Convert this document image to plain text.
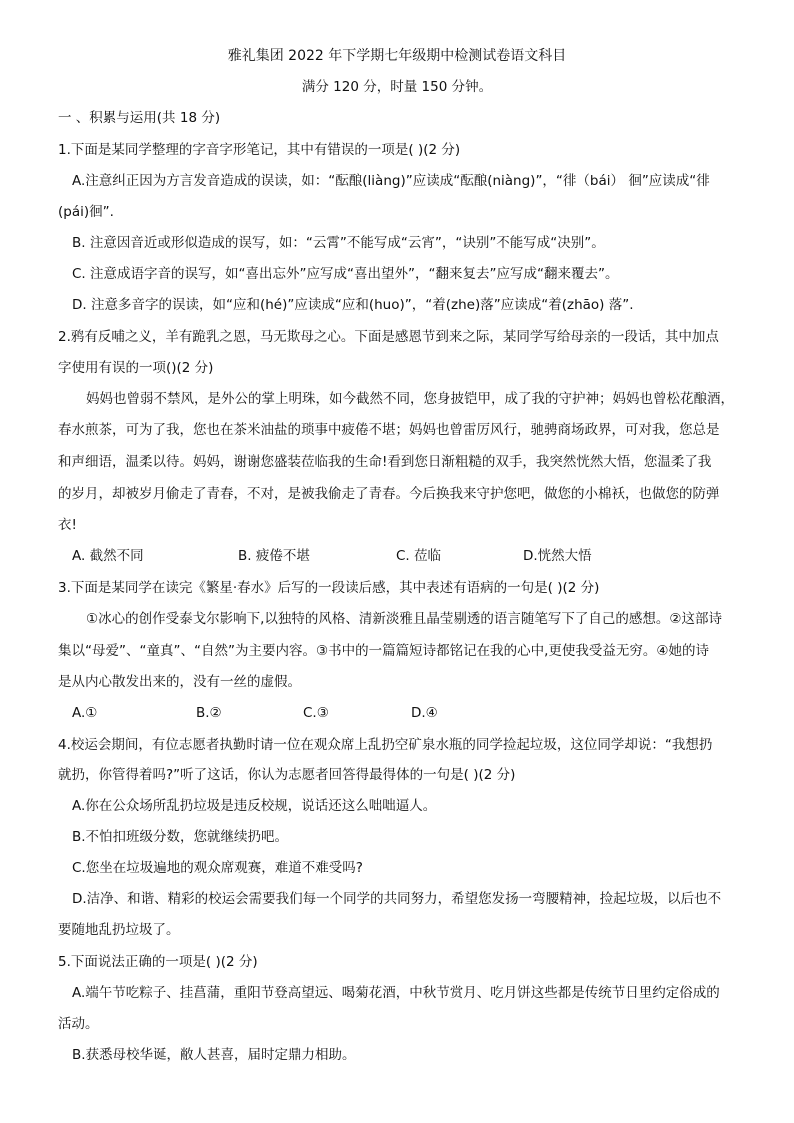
雅礼集团 2022 年下学期七年级期中检测试卷语文科目
满分 120 分，时量 150 分钟。
一 、积累与运用(共 18 分)
1.下面是某同学整理的字音字形笔记，其中有错误的一项是( )(2 分)
A.注意纠正因为方言发音造成的误读，如：“酝酿(liàng)”应读成“酝酿(niàng)”，“徘（bái） 徊”应读成“徘
(pái)徊”.
B. 注意因音近或形似造成的误写，如：“云霄”不能写成“云宵”，“诀别”不能写成“决别”。
C. 注意成语字音的误写，如“喜出忘外”应写成“喜出望外”，“翻来复去”应写成“翻来覆去”。
D. 注意多音字的误读，如“应和(hé)”应读成“应和(huo)”，“着(zhe)落”应读成“着(zhāo) 落”.
2.鸦有反哺之义，羊有跪乳之恩，马无欺母之心。下面是感恩节到来之际，某同学写给母亲的一段话，其中加点
字使用有误的一项()(2 分)
妈妈也曾弱不禁风，是外公的掌上明珠，如今截然不同，您身披铠甲，成了我的守护神；妈妈也曾松花酿酒，
春水煎茶，可为了我，您也在茶米油盐的琐事中疲倦不堪；妈妈也曾雷厉风行，驰骋商场政界，可对我，您总是
和声细语，温柔以待。妈妈，谢谢您盛装莅临我的生命!看到您日渐粗糙的双手，我突然恍然大悟，您温柔了我
的岁月，却被岁月偷走了青春，不对，是被我偷走了青春。今后换我来守护您吧，做您的小棉袄，也做您的防弹
衣!
A. 截然不同	B. 疲倦不堪	C. 莅临	D.恍然大悟
3.下面是某同学在读完《繁星·春水》后写的一段读后感，其中表述有语病的一句是( )(2 分)
①冰心的创作受泰戈尔影响下,以独特的风格、清新淡雅且晶莹剔透的语言随笔写下了自己的感想。②这部诗
集以“母爱”、“童真”、“自然”为主要内容。③书中的一篇篇短诗都铭记在我的心中,更使我受益无穷。④她的诗
是从内心散发出来的，没有一丝的虚假。
A.①	B.②	C.③	D.④
4.校运会期间，有位志愿者执勤时请一位在观众席上乱扔空矿泉水瓶的同学捡起垃圾，这位同学却说：“我想扔
就扔，你管得着吗?”听了这话，你认为志愿者回答得最得体的一句是( )(2 分)
A.你在公众场所乱扔垃圾是违反校规，说话还这么咄咄逼人。
B.不怕扣班级分数，您就继续扔吧。
C.您坐在垃圾遍地的观众席观赛，难道不难受吗?
D.洁净、和谐、精彩的校运会需要我们每一个同学的共同努力，希望您发扬一弯腰精神，捡起垃圾，以后也不
要随地乱扔垃圾了。
5.下面说法正确的一项是( )(2 分)
A.端午节吃粽子、挂菖蒲，重阳节登高望远、喝菊花酒，中秋节赏月、吃月饼这些都是传统节日里约定俗成的
活动。
B.获悉母校华诞，敝人甚喜，届时定鼎力相助。
